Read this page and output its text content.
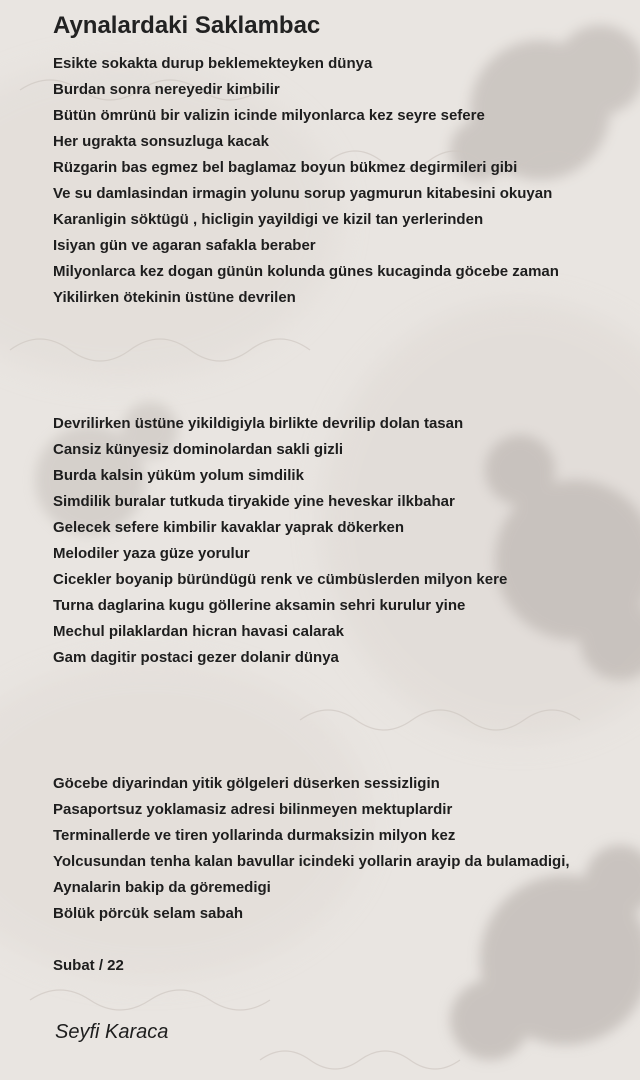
Aynalardaki Saklambac
Esikte sokakta durup beklemekteyken dünya
Burdan sonra nereyedir kimbilir
Bütün ömrünü bir valizin icinde milyonlarca kez seyre sefere
Her ugrakta sonsuzluga kacak
Rüzgarin bas egmez bel baglamaz boyun bükmez degirmileri gibi
Ve su damlasindan irmagin yolunu sorup yagmurun kitabesini okuyan
Karanligin söktügü , hicligin yayildigi ve kizil tan yerlerinden
Isiyan gün ve agaran safakla beraber
Milyonlarca kez dogan günün kolunda günes kucaginda göcebe zaman
Yikilirken ötekinin üstüne devrilen
Devrilirken üstüne yikildigiyla birlikte devrilip dolan tasan
Cansiz künyesiz dominolardan sakli gizli
Burda kalsin yüküm yolum simdilik
Simdilik buralar tutkuda tiryakide yine heveskar ilkbahar
Gelecek sefere kimbilir kavaklar yaprak dökerken
Melodiler yaza güze yorulur
Cicekler boyanip büründügü renk ve cümbüslerden milyon kere
Turna daglarina kugu göllerine aksamin sehri kurulur yine
Mechul pilaklardan hicran havasi calarak
Gam dagitir postaci gezer dolanir dünya
Göcebe diyarindan yitik gölgeleri düserken sessizligin
Pasaportsuz yoklamasiz adresi bilinmeyen mektuplardir
Terminallerde ve tiren yollarinda durmaksizin milyon kez
Yolcusundan tenha kalan bavullar icindeki yollarin arayip da bulamadigi,
Aynalarin bakip da göremedigi
Bölük pörcük selam sabah
Subat / 22
Seyfi Karaca
